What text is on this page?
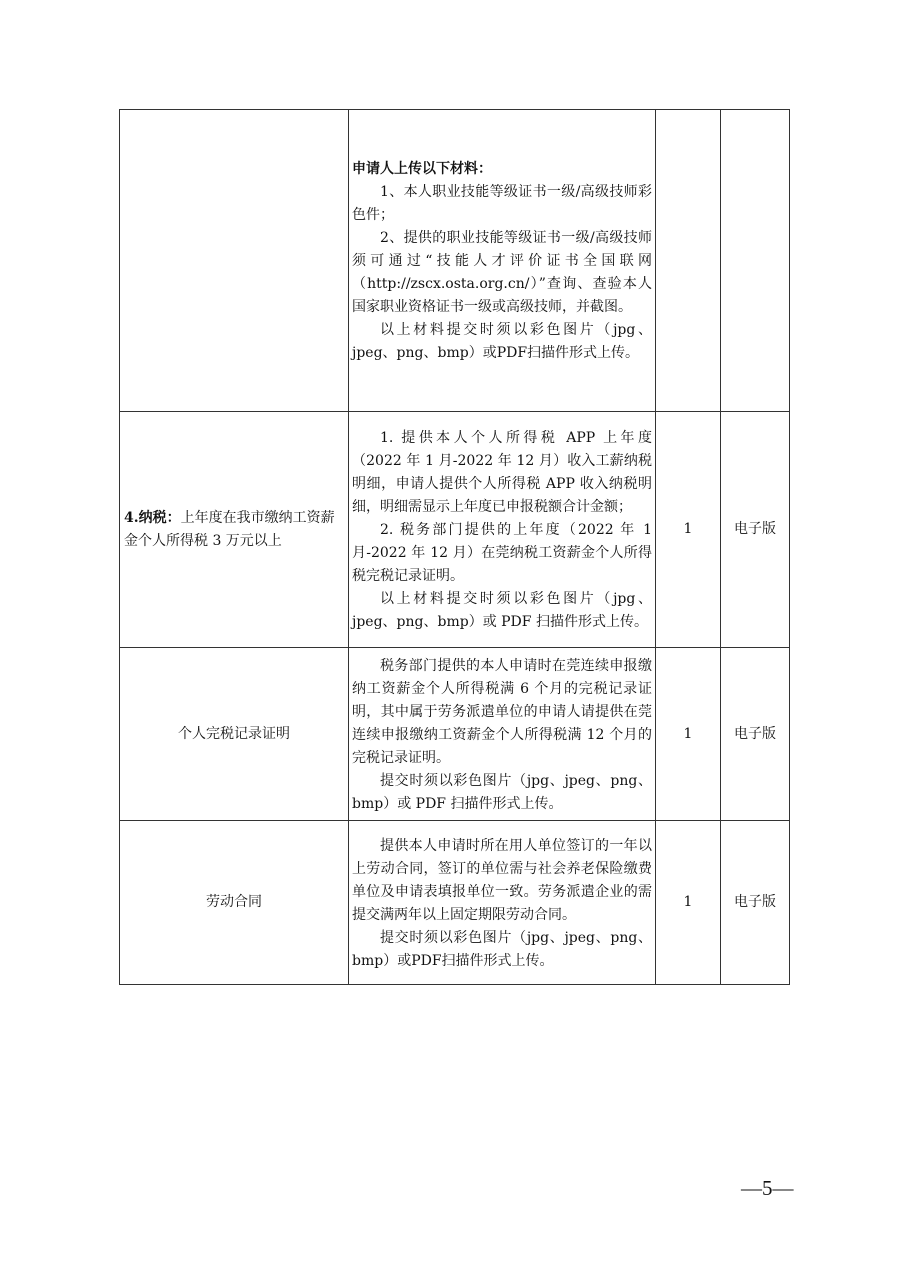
	申请人上传以下材料：

1、本人职业技能等级证书一级/高级技师彩色件；

2、提供的职业技能等级证书一级/高级技师须可通过“技能人才评价证书全国联网（http://zscx.osta.org.cn/）”查询、查验本人国家职业资格证书一级或高级技师，并截图。

以上材料提交时须以彩色图片（jpg、jpeg、png、bmp）或PDF扫描件形式上传。		

4.纳税：上年度在我市缴纳工资薪金个人所得税 3 万元以上	1. 提供本人个人所得税 APP 上年度（2022 年 1 月-2022 年 12 月）收入工薪纳税明细，申请人提供个人所得税 APP 收入纳税明细，明细需显示上年度已申报税额合计金额；

2. 税务部门提供的上年度（2022 年 1 月-2022 年 12 月）在莞纳税工资薪金个人所得税完税记录证明。

以上材料提交时须以彩色图片（jpg、jpeg、png、bmp）或 PDF 扫描件形式上传。	1	电子版
个人完税记录证明	税务部门提供的本人申请时在莞连续申报缴纳工资薪金个人所得税满 6 个月的完税记录证明，其中属于劳务派遣单位的申请人请提供在莞连续申报缴纳工资薪金个人所得税满 12 个月的完税记录证明。

提交时须以彩色图片（jpg、jpeg、png、bmp）或 PDF 扫描件形式上传。	1	电子版
劳动合同	提供本人申请时所在用人单位签订的一年以上劳动合同，签订的单位需与社会养老保险缴费单位及申请表填报单位一致。劳务派遣企业的需提交满两年以上固定期限劳动合同。

提交时须以彩色图片（jpg、jpeg、png、bmp）或PDF扫描件形式上传。	1	电子版
—5—
